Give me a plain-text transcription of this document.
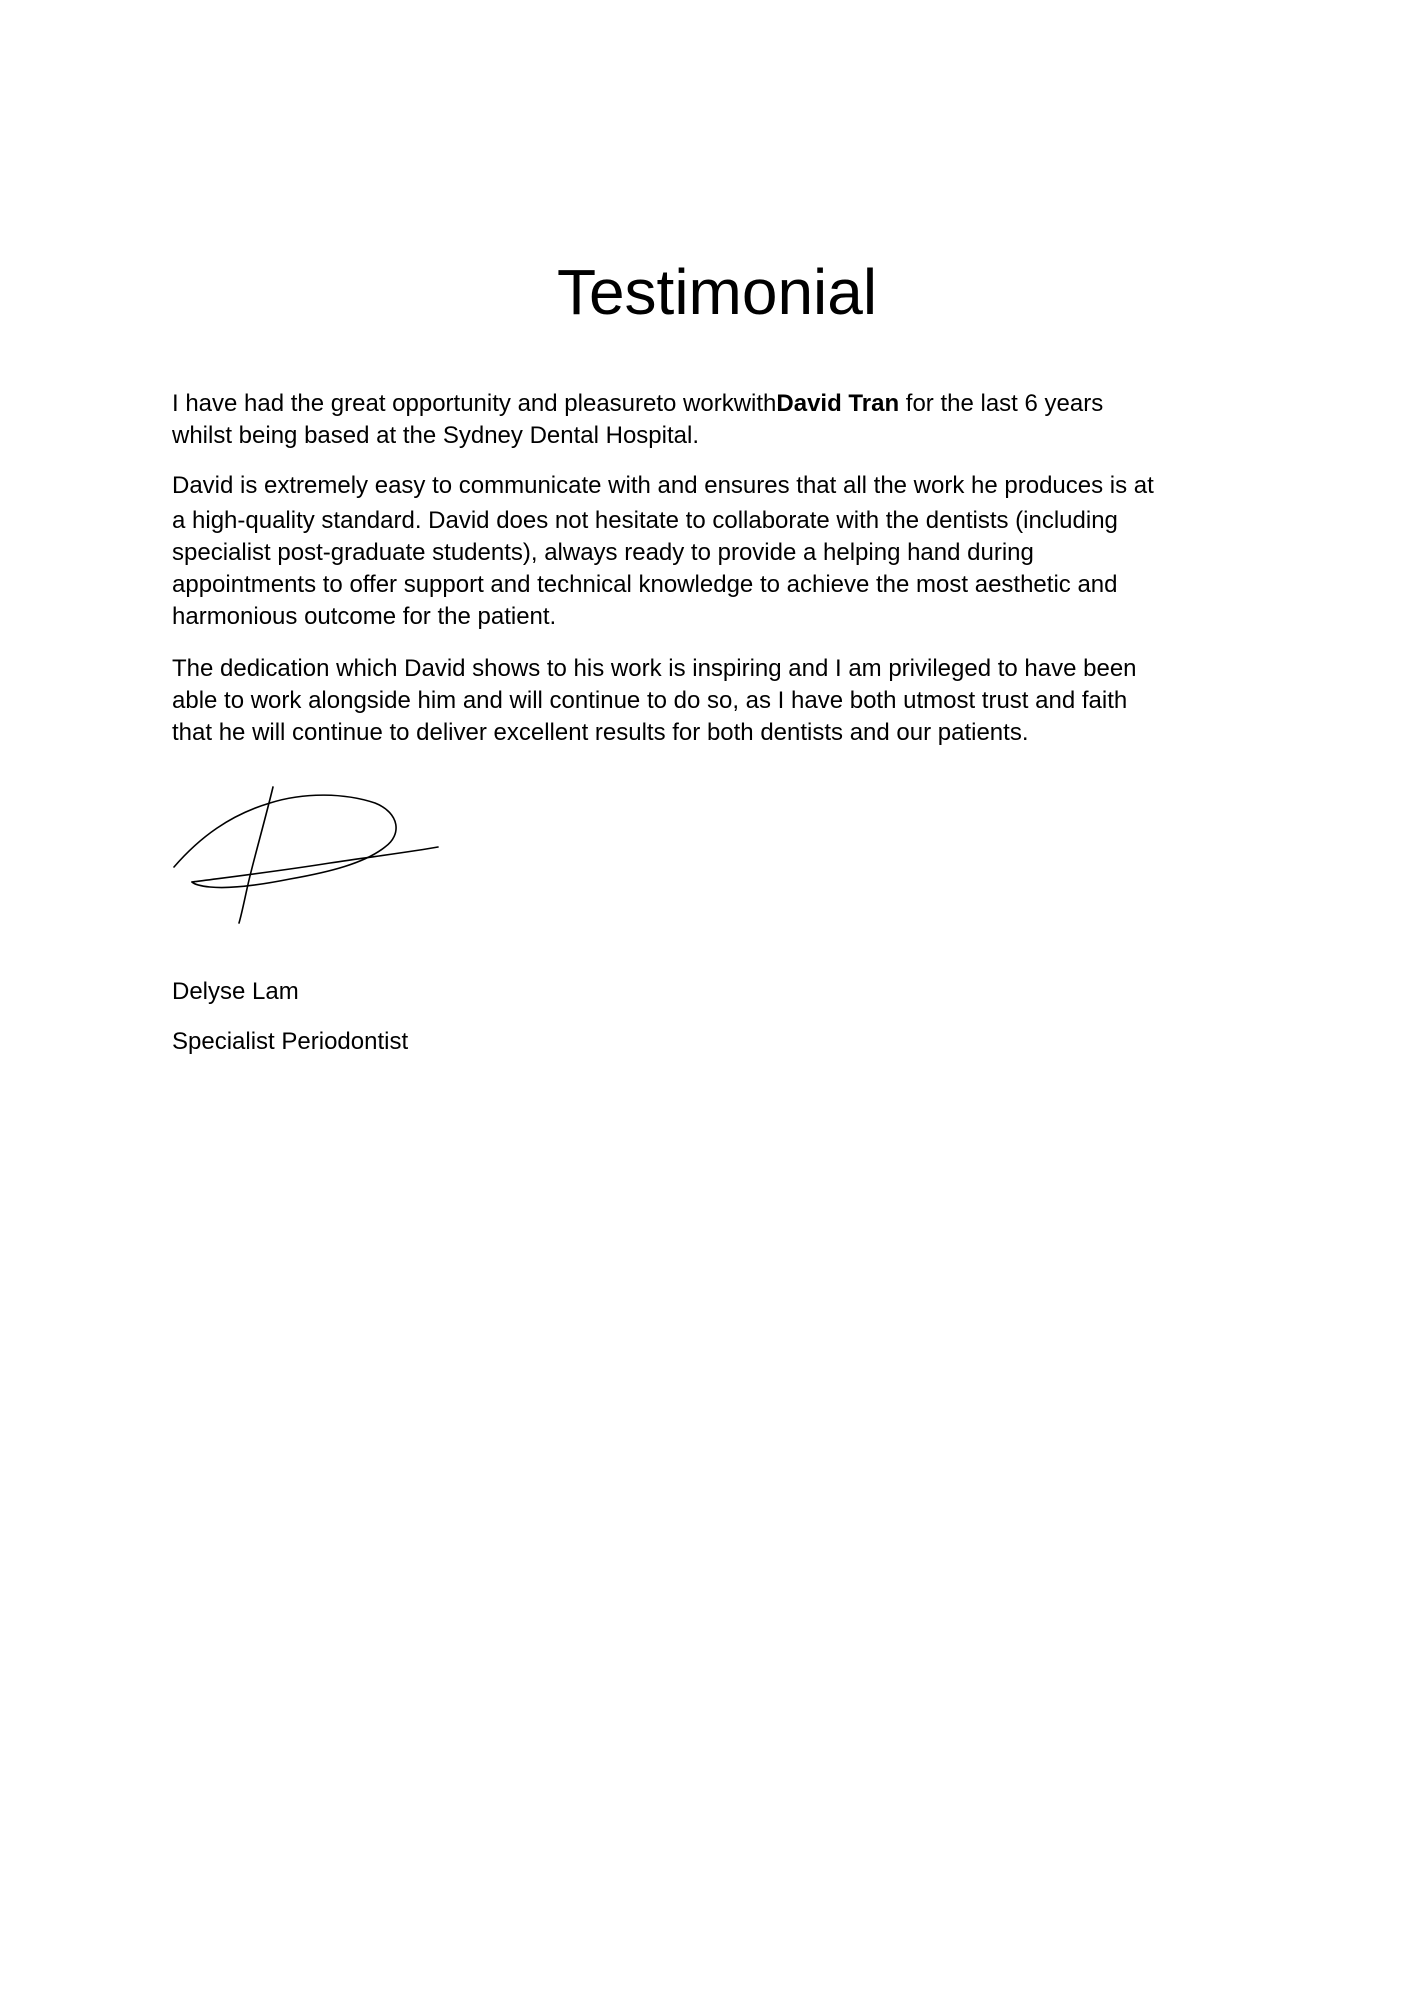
Testimonial

I have had the great opportunity and pleasureto workwithDavid Tran for the last 6 years
whilst being based at the Sydney Dental Hospital.

David is extremely easy to communicate with and ensures that all the work he produces is at
a high-quality standard. David does not hesitate to collaborate with the dentists (including
specialist post-graduate students), always ready to provide a helping hand during
appointments to offer support and technical knowledge to achieve the most aesthetic and
harmonious outcome for the patient.

The dedication which David shows to his work is inspiring and I am privileged to have been
able to work alongside him and will continue to do so, as I have both utmost trust and faith
that he will continue to deliver excellent results for both dentists and our patients.

Delyse Lam

Specialist Periodontist
